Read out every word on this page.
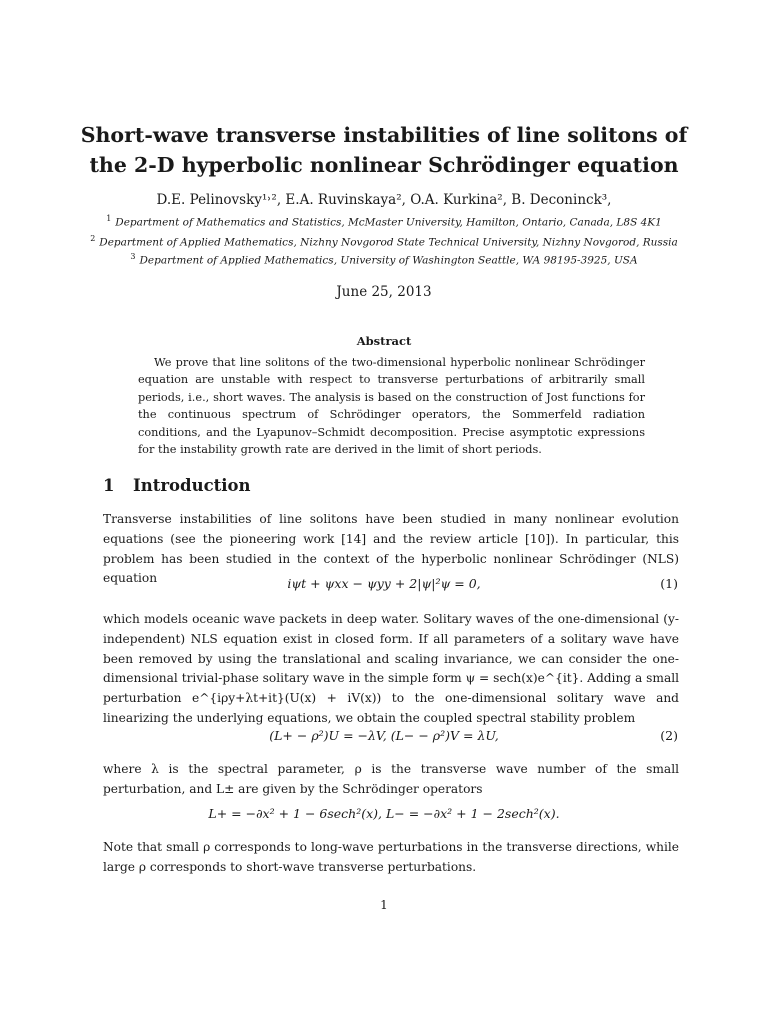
Short-wave transverse instabilities of line solitons of
the 2-D hyperbolic nonlinear Schrödinger equation
D.E. Pelinovsky¹˒², E.A. Ruvinskaya², O.A. Kurkina², B. Deconinck³,
$^1$ Department of Mathematics and Statistics, McMaster University, Hamilton, Ontario, Canada, L8S 4K1
$^2$ Department of Applied Mathematics, Nizhny Novgorod State Technical University, Nizhny Novgorod, Russia
$^3$ Department of Applied Mathematics, University of Washington Seattle, WA 98195-3925, USA
June 25, 2013
Abstract
We prove that line solitons of the two-dimensional hyperbolic nonlinear Schrödinger equation are unstable with respect to transverse perturbations of arbitrarily small periods, i.e., short waves. The analysis is based on the construction of Jost functions for the continuous spectrum of Schrödinger operators, the Sommerfeld radiation conditions, and the Lyapunov–Schmidt decomposition. Precise asymptotic expressions for the instability growth rate are derived in the limit of short periods.
1 Introduction
Transverse instabilities of line solitons have been studied in many nonlinear evolution equations (see the pioneering work [14] and the review article [10]). In particular, this problem has been studied in the context of the hyperbolic nonlinear Schrödinger (NLS) equation	iψt + ψxx − ψyy + 2|ψ|²ψ = 0,	(1)
which models oceanic wave packets in deep water. Solitary waves of the one-dimensional (y-independent) NLS equation exist in closed form. If all parameters of a solitary wave have been removed by using the translational and scaling invariance, we can consider the one-dimensional trivial-phase solitary wave in the simple form ψ = sech(x)e^{it}. Adding a small perturbation e^{iρy+λt+it}(U(x) + iV(x)) to the one-dimensional solitary wave and linearizing the underlying equations, we obtain the coupled spectral stability problem
(L+ − ρ²)U = −λV, (L− − ρ²)V = λU,	(2)
where λ is the spectral parameter, ρ is the transverse wave number of the small perturbation, and L± are given by the Schrödinger operators
L+ = −∂x² + 1 − 6sech²(x), L− = −∂x² + 1 − 2sech²(x).
Note that small ρ corresponds to long-wave perturbations in the transverse directions, while large ρ corresponds to short-wave transverse perturbations.
1
